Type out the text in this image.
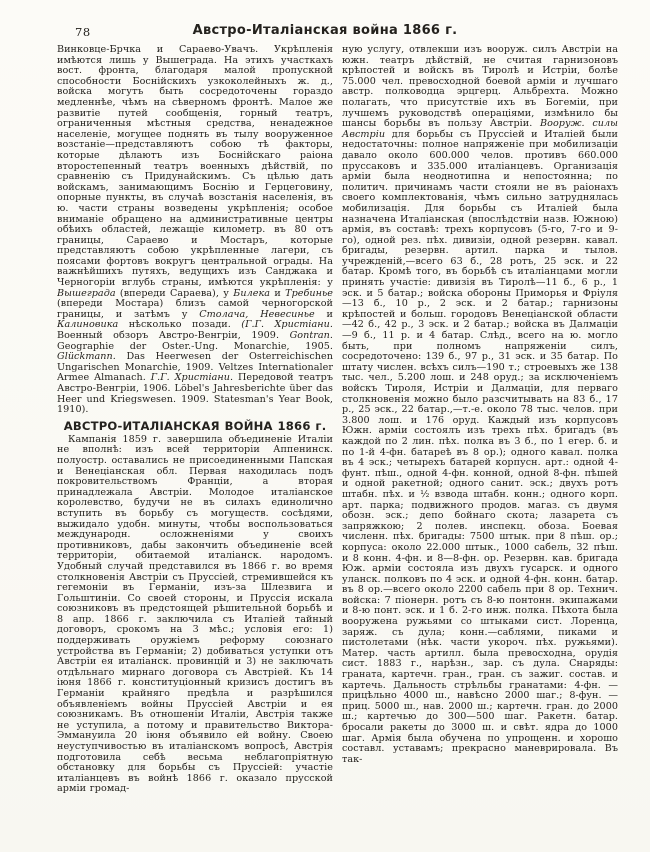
78	Австро-Италіанская война 1866 г.

Винковце-Брчка и Сараево-Увачъ. Укрѣпленія имѣются лишь у Вышеграда. На этихъ участкахъ вост. фронта, благодаря малой пропускной способности Боснійскихъ узкоколейныхъ ж. д., войска могутъ быть сосредоточены гораздо медленнѣе, чѣмъ на сѣверномъ фронтѣ. Малое же развитіе путей сообщенія, горный театръ, ограниченныя мѣстныя средства, ненадежное населеніе, могущее поднять въ тылу вооруженное возстаніе—представляютъ собою тѣ факторы, которые дѣлаютъ изъ Боснійскаго раіона второстепенный театръ военныхъ дѣйствій, по сравненію съ Придунайскимъ. Съ цѣлью дать войскамъ, занимающимъ Боснію и Герцеговину, опорные пункты, въ случаѣ возстанія населенія, въ ю. части страны возведены укрѣпленія; особое вниманіе обращено на административные центры обѣихъ областей, лежащіе километр. въ 80 отъ границы, Сараево и Мостаръ, которые представляютъ собою укрѣпленные лагери, съ поясами фортовъ вокругъ центральной ограды. На важнѣйшихъ путяхъ, ведущихъ изъ Санджака и Черногоріи вглубь страны, имѣются укрѣпленія: у Вышеграда (впереди Сараева), у Билека и Требинье (впереди Мостара) близъ самой черногорской границы, и затѣмъ у Столача, Невесинье и Калиновика нѣсколько позади. (Г.Г. Христіани. Военный обзоръ Австро-Венгріи, 1909. Gontran. Geographie der Oster.-Ung. Monarchie, 1905. Glückmann. Das Heerwesen der Osterreichischen Ungarischen Monarchie, 1909. Veltzes Internationaler Armee Almanach. Г.Г. Христіани. Передовой театръ Австро-Венгріи, 1906. Löbel's Jahresberichte über das Heer und Kriegswesen. 1909. Statesman's Year Book, 1910).

АВСТРО-ИТАЛІАНСКАЯ ВОЙНА 1866 г.

Кампанія 1859 г. завершила объединеніе Италіи не вполнѣ: изъ всей территоріи Аппенинск. полуостр. оставались не присоединенными Папская и Венеціанская обл. Первая находилась подъ покровительствомъ Франціи, а вторая принадлежала Австріи. Молодое италіанское королевство, будучи не въ силахъ единолично вступить въ борьбу съ могуществ. сосѣдями, выжидало удобн. минуты, чтобы воспользоваться международн. осложненіями у своихъ противниковъ, дабы закончить объединеніе всей территоріи, обитаемой италіанск. народомъ. Удобный случай представился въ 1866 г. во время столкновенія Австріи съ Пруссіей, стремившейся къ гегемоніи въ Германіи, изъ-за Шлезвига и Гольштиніи. Со своей стороны, и Пруссія искала союзниковъ въ предстоящей рѣшительной борьбѣ и 8 апр. 1866 г. заключила съ Италіей тайный договоръ, срокомъ на 3 мѣс.; условія его: 1) поддерживать оружіемъ реформу союзнаго устройства въ Германіи; 2) добиваться уступки отъ Австріи ея италіанск. провинцій и 3) не заключать отдѣльнаго мирнаго договора съ Австріей. Къ 14 іюня 1866 г. конституціонный кризисъ достигъ въ Германіи крайняго предѣла и разрѣшился объявленіемъ войны Пруссіей Австріи и ея союзникамъ. Въ отношеніи Италіи, Австрія также не уступила, а потому и правительство Виктора-Эммануила 20 іюня объявило ей войну. Своею неуступчивостью въ италіанскомъ вопросѣ, Австрія подготовила себѣ весьма неблагопріятную обстановку для борьбы съ Пруссіей: участіе италіанцевъ въ войнѣ 1866 г. оказало прусской арміи громад-

ную услугу, отвлекши изъ вооруж. силъ Австріи на южн. театръ дѣйствій, не считая гарнизоновъ крѣпостей и войскъ въ Тиролѣ и Истріи, болѣе 75.000 чел. превосходной боевой арміи и лучшаго австр. полководца эрцгерц. Альбрехта. Можно полагать, что присутствіе ихъ въ Богеміи, при лучшемъ руководствѣ операціями, измѣнило бы шансы борьбы въ пользу Австріи. Вооруж. силы Австріи для борьбы съ Пруссіей и Италіей были недостаточны: полное напряженіе при мобилизаціи давало около 600.000 челов. противъ 660.000 пруссаковъ и 335.000 италіанцевъ. Организація арміи была неоднотипна и непостоянна; по политич. причинамъ части стояли не въ раіонахъ своего комплектованія, чѣмъ сильно затруднялась мобилизація. Для борьбы съ Италіей была назначена Италіанская (впослѣдствіи назв. Южною) армія, въ составѣ: трехъ корпусовъ (5-го, 7-го и 9-го), одной рез. пѣх. дивизіи, одной резервн. кавал. бригады, резервн. артил. парка и тылов. учрежденій,—всего 63 б., 28 ротъ, 25 эск. и 22 батар. Кромѣ того, въ борьбѣ съ италіанцами могли принять участіе: дивизія въ Тиролѣ—11 б., 6 р., 1 эск. и 5 батар.; войска обороны Приморья и Фріуля—13 б., 10 р., 2 эск. и 2 батар.; гарнизоны крѣпостей и больш. городовъ Венеціанской области—42 б., 42 р., 3 эск. и 2 батар.; войска въ Далмаціи—9 б., 11 р. и 4 батар. Слѣд., всего на ю. могло быть, при полномъ напряженіи силъ, сосредоточено: 139 б., 97 р., 31 эск. и 35 батар. По штату числен. всѣхъ силъ—190 т.; строевыхъ же 138 тыс. чел., 5.200 лош. и 248 оруд.; за исключеніемъ войскъ Тироля, Истріи и Далмаціи, для перваго столкновенія можно было разсчитывать на 83 б., 17 р., 25 эск., 22 батар.,—т.-е. около 78 тыс. челов. при 3.800 лош. и 176 оруд. Каждый изъ корпусовъ Южн. арміи состоялъ изъ трехъ пѣх. бригадъ (въ каждой по 2 лин. пѣх. полка въ 3 б., по 1 егер. б. и по 1-й 4-фн. батареѣ въ 8 ор.); одного кавал. полка въ 4 эск.; четырехъ батарей корпусн. арт.: одной 4-фунт. пѣш., одной 4-фн. конной, одной 8-фн. пѣшей и одной ракетной; одного санит. эск.; двухъ ротъ штабн. пѣх. и ½ взвода штабн. конн.; одного корп. арт. парка; подвижного продов. магаз. съ двумя обозн. эск.; депо бойнаго скота; лазарета съ запряжкою; 2 полев. инспекц. обоза. Боевая численн. пѣх. бригады: 7500 штык. при 8 пѣш. ор.; корпуса: около 22.000 штык., 1000 сабель, 32 пѣш. и 8 конн. 4-фн. и 8—8-фн. ор. Резервн. кав. бригада Юж. арміи состояла изъ двухъ гусарск. и одного уланск. полковъ по 4 эск. и одной 4-фн. конн. батар. въ 8 ор.—всего около 2200 сабель при 8 ор. Технич. войска: 7 піонерн. ротъ съ 8-ю понтонн. экипажами и 8-ю понт. эск. и 1 б. 2-го инж. полка. Пѣхота была вооружена ружьями со штыками сист. Лоренца, заряж. съ дула; конн.—саблями, пиками и пистолетами (нѣк. части укороч. пѣх. ружьями). Матер. часть артилл. была превосходна, орудія сист. 1883 г., нарѣзн., зар. съ дула. Снаряды: граната, картечн. гран., гран. съ зажиг. состав. и картечь. Дальность стрѣльбы гранатами: 4-фн. — прицѣльно 4000 ш., навѣсно 2000 шаг.; 8-фун. — приц. 5000 ш., нав. 2000 ш.; картечн. гран. до 2000 ш.; картечью до 300—500 шаг. Ракетн. батар. бросали ракеты до 3000 ш. и свѣт. ядра до 1000 шаг. Армія была обучена по упрощенн. и хорошо составл. уставамъ; прекрасно маневрировала. Въ так-
